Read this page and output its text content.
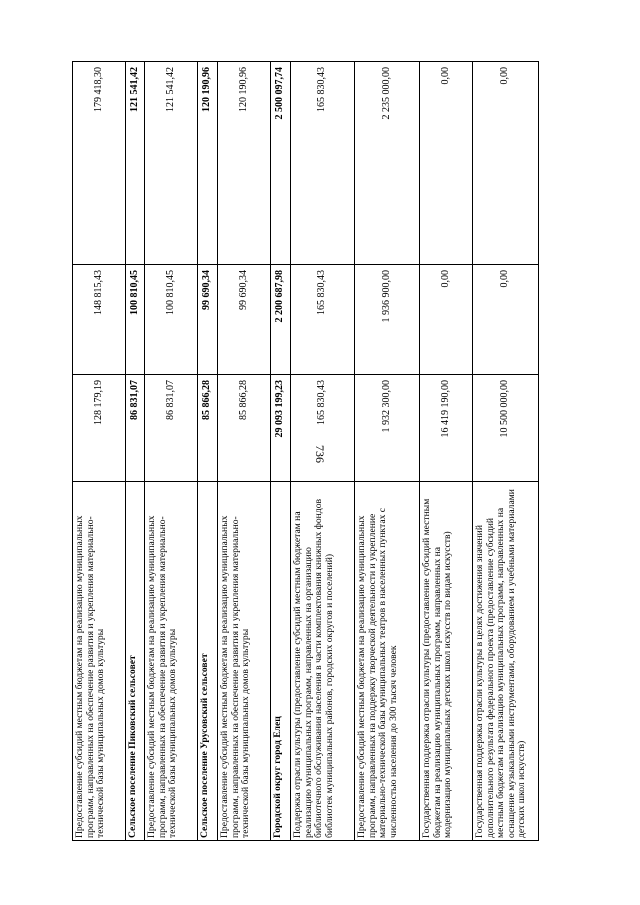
736
179 418,30
148 815,43
128 179,19
Предоставление субсидий местным бюджетам на реализацию муниципальных программ, направленных на обеспечение развития и укрепления материально-технической базы муниципальных домов культуры
121 541,42
100 810,45
86 831,07
Сельское поселение Пиковский сельсовет
121 541,42
100 810,45
86 831,07
Предоставление субсидий местным бюджетам на реализацию муниципальных программ, направленных на обеспечение развития и укрепления материально-технической базы муниципальных домов культуры
120 190,96
99 690,34
85 866,28
Сельское поселение Урусовский сельсовет
120 190,96
99 690,34
85 866,28
Предоставление субсидий местным бюджетам на реализацию муниципальных программ, направленных на обеспечение развития и укрепления материально-технической базы муниципальных домов культуры
2 500 097,74
2 200 687,98
29 093 199,23
Городской округ город Елец
165 830,43
165 830,43
165 830,43
Поддержка отрасли культуры (предоставление субсидий местным бюджетам на реализацию муниципальных программ, направленных на организацию библиотечного обслуживания населения в части комплектования книжных фондов библиотек муниципальных районов, городских округов и поселений)
2 235 000,00
1 936 900,00
1 932 300,00
Предоставление субсидий местным бюджетам на реализацию муниципальных программ, направленных на поддержку творческой деятельности и укрепление материально-технической базы муниципальных театров в населенных пунктах с численностью населения до 300 тысяч человек
0,00
0,00
16 419 190,00
Государственная поддержка отрасли культуры (предоставление субсидий местным бюджетам на реализацию муниципальных программ, направленных на модернизацию муниципальных детских школ искусств по видам искусств)
0,00
0,00
10 500 000,00
Государственная поддержка отрасли культуры в целях достижения значений дополнительного результата федерального проекта (предоставление субсидий местным бюджетам на реализацию муниципальных программ, направленных на оснащение музыкальными инструментами, оборудованием и учебными материалами детских школ искусств)
